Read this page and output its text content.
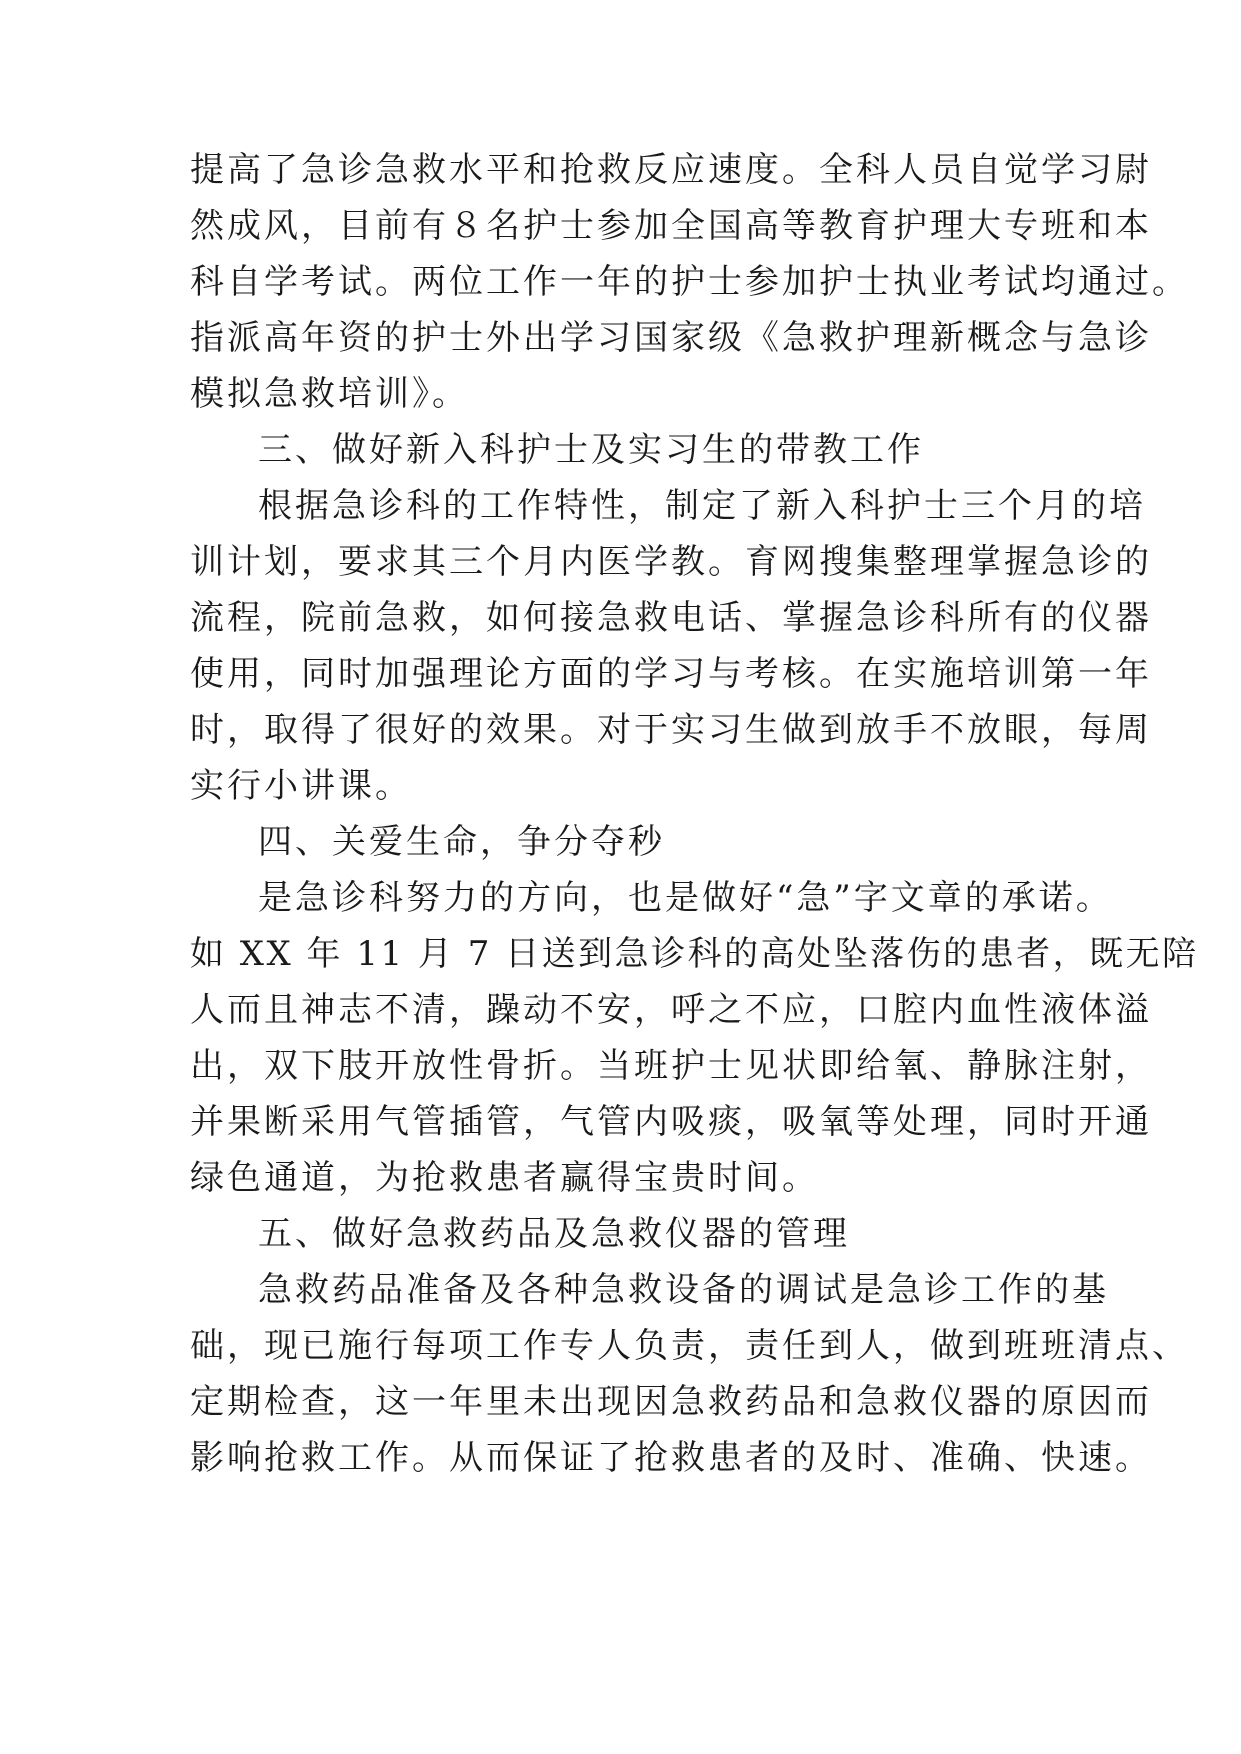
提高了急诊急救水平和抢救反应速度。全科人员自觉学习尉
然成风，目前有８名护士参加全国高等教育护理大专班和本
科自学考试。两位工作一年的护士参加护士执业考试均通过。
指派高年资的护士外出学习国家级《急救护理新概念与急诊
模拟急救培训》。
三、做好新入科护士及实习生的带教工作
根据急诊科的工作特性，制定了新入科护士三个月的培
训计划，要求其三个月内医学教。育网搜集整理掌握急诊的
流程，院前急救，如何接急救电话、掌握急诊科所有的仪器
使用，同时加强理论方面的学习与考核。在实施培训第一年
时，取得了很好的效果。对于实习生做到放手不放眼，每周
实行小讲课。
四、关爱生命，争分夺秒
是急诊科努力的方向，也是做好“急”字文章的承诺。
如 XX 年 11 月 7 日送到急诊科的高处坠落伤的患者，既无陪
人而且神志不清，躁动不安，呼之不应，口腔内血性液体溢
出，双下肢开放性骨折。当班护士见状即给氧、静脉注射，
并果断采用气管插管，气管内吸痰，吸氧等处理，同时开通
绿色通道，为抢救患者赢得宝贵时间。
五、做好急救药品及急救仪器的管理
急救药品准备及各种急救设备的调试是急诊工作的基
础，现已施行每项工作专人负责，责任到人，做到班班清点、
定期检查，这一年里未出现因急救药品和急救仪器的原因而
影响抢救工作。从而保证了抢救患者的及时、准确、快速。
